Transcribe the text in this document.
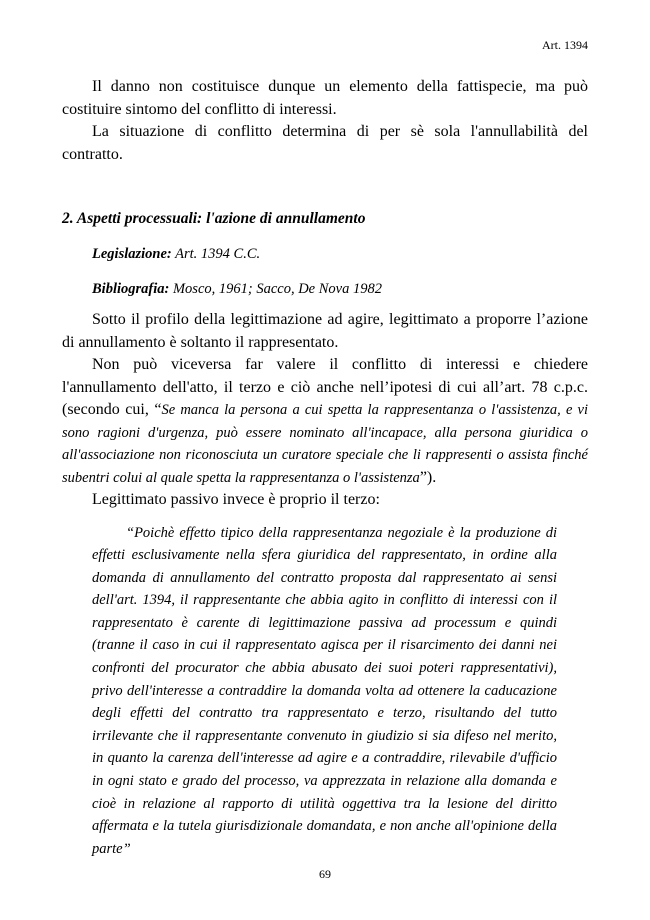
Art. 1394

Il danno non costituisce dunque un elemento della fattispecie, ma può costituire sintomo del conflitto di interessi.

La situazione di conflitto determina di per sè sola l'annullabilità del contratto.

2. Aspetti processuali: l'azione di annullamento

Legislazione: Art. 1394 C.C.

Bibliografia: Mosco, 1961; Sacco, De Nova 1982

Sotto il profilo della legittimazione ad agire, legittimato a proporre l’azione di annullamento è soltanto il rappresentato.

Non può viceversa far valere il conflitto di interessi e chiedere l'annullamento dell'atto, il terzo e ciò anche nell’ipotesi di cui all’art. 78 c.p.c. (secondo cui, “Se manca la persona a cui spetta la rappresentanza o l'assistenza, e vi sono ragioni d'urgenza, può essere nominato all'incapace, alla persona giuridica o all'associazione non riconosciuta un curatore speciale che li rappresenti o assista finché subentri colui al quale spetta la rappresentanza o l'assistenza”).

Legittimato passivo invece è proprio il terzo:

“Poichè effetto tipico della rappresentanza negoziale è la produzione di effetti esclusivamente nella sfera giuridica del rappresentato, in ordine alla domanda di annullamento del contratto proposta dal rappresentato ai sensi dell'art. 1394, il rappresentante che abbia agito in conflitto di interessi con il rappresentato è carente di legittimazione passiva ad processum e quindi (tranne il caso in cui il rappresentato agisca per il risarcimento dei danni nei confronti del procurator che abbia abusato dei suoi poteri rappresentativi), privo dell'interesse a contraddire la domanda volta ad ottenere la caducazione degli effetti del contratto tra rappresentato e terzo, risultando del tutto irrilevante che il rappresentante convenuto in giudizio si sia difeso nel merito, in quanto la carenza dell'interesse ad agire e a contraddire, rilevabile d'ufficio in ogni stato e grado del processo, va apprezzata in relazione alla domanda e cioè in relazione al rapporto di utilità oggettiva tra la lesione del diritto affermata e la tutela giurisdizionale domandata, e non anche all'opinione della parte”

69
